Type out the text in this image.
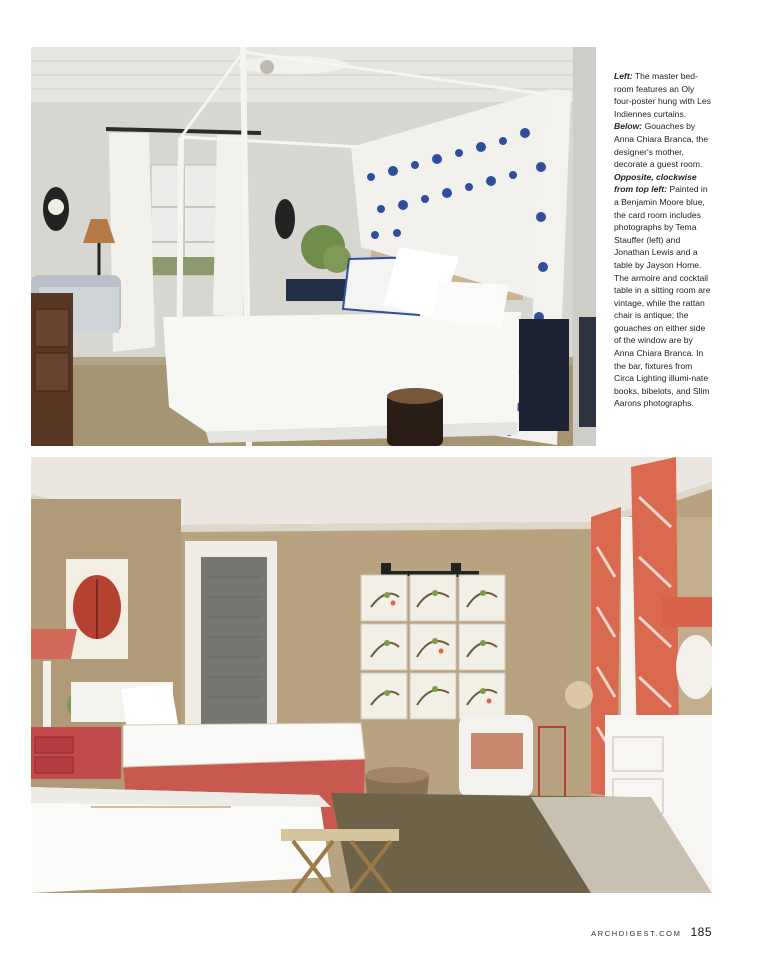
Left: The master bed-room features an Oly four-poster hung with Les Indiennes curtains. Below: Gouaches by Anna Chiara Branca, the designer's mother, decorate a guest room. Opposite, clockwise from top left: Painted in a Benjamin Moore blue, the card room includes photographs by Tema Stauffer (left) and Jonathan Lewis and a table by Jayson Home. The armoire and cocktail table in a sitting room are vintage, while the rattan chair is antique; the gouaches on either side of the window are by Anna Chiara Branca. In the bar, fixtures from Circa Lighting illumi-nate books, bibelots, and Slim Aarons photographs.
ARCHDIGEST.COM 185
